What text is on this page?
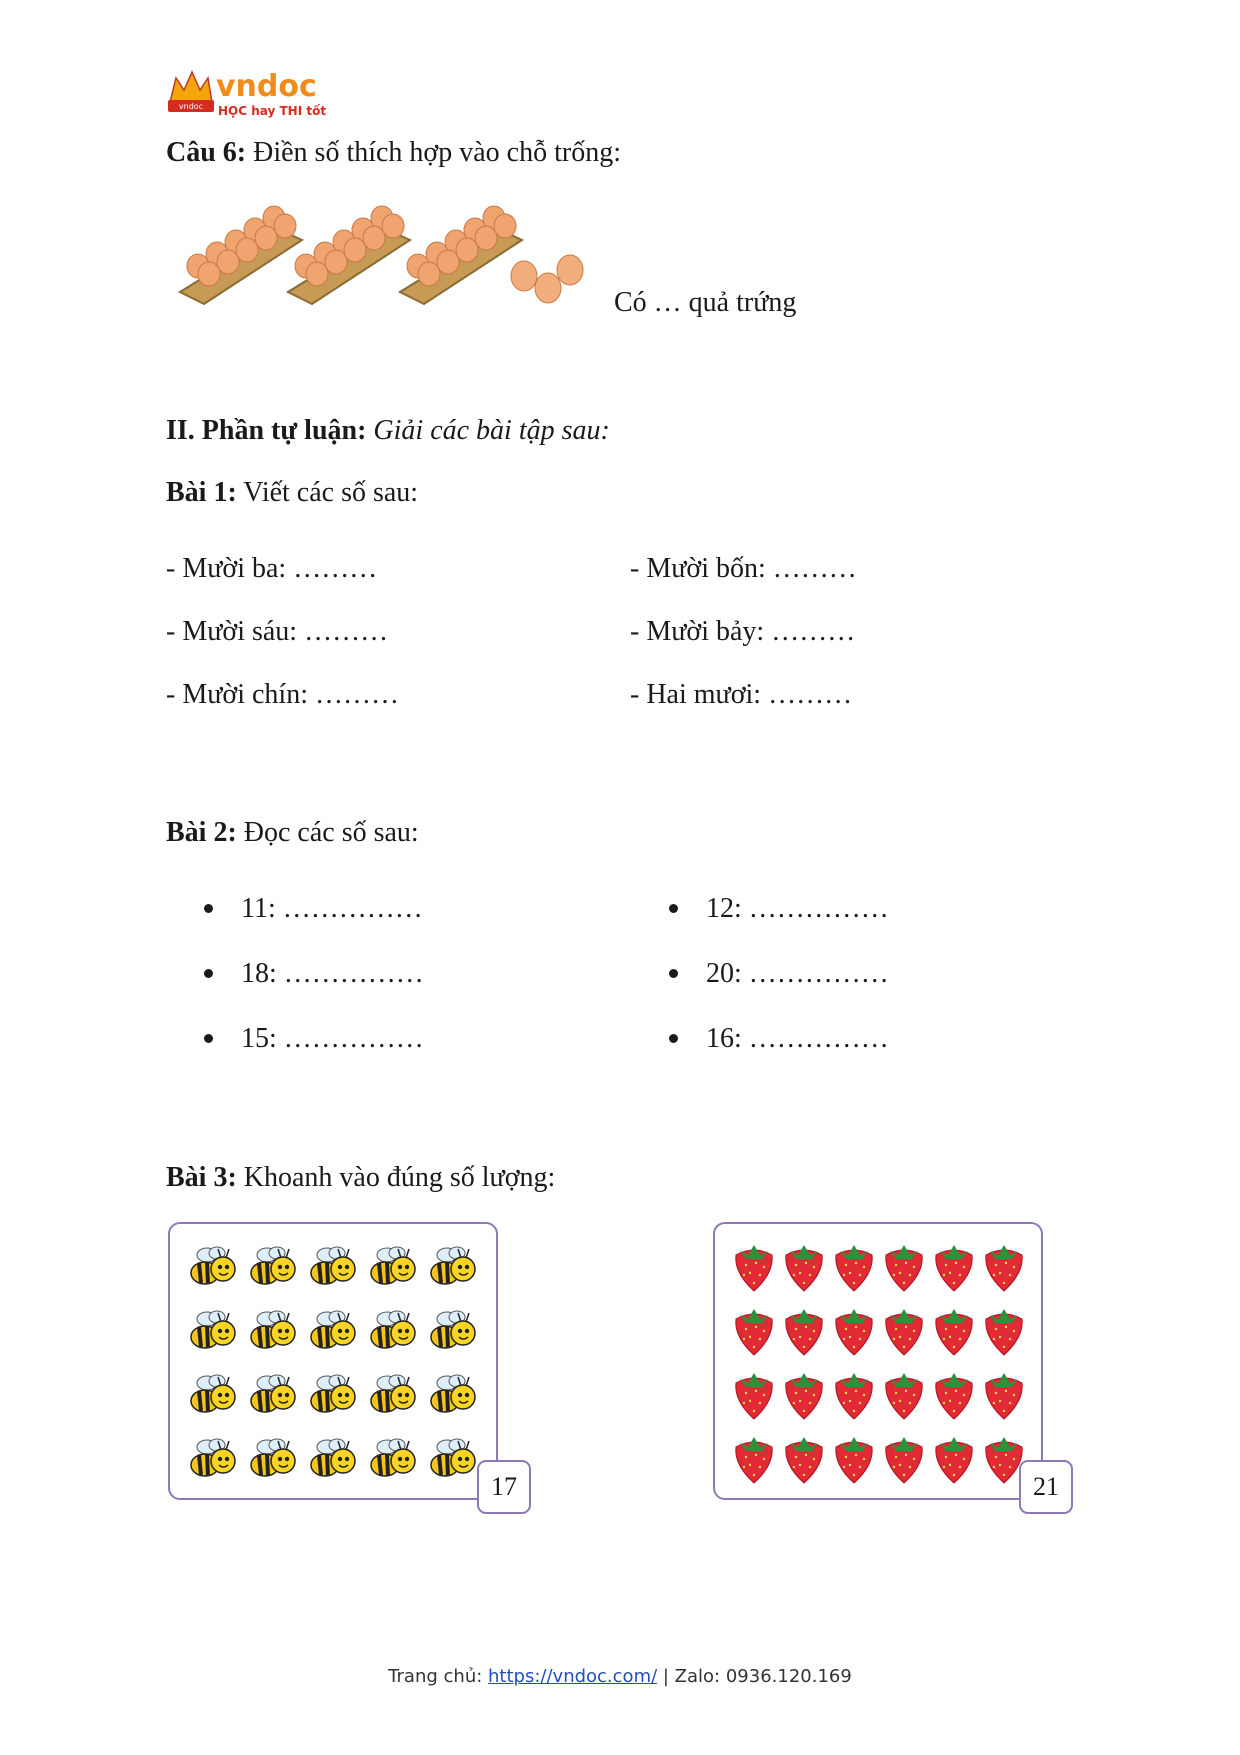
vndoc
vndoc
HỌC hay THI tốt
Câu 6: Điền số thích hợp vào chỗ trống:
Có … quả trứng
II. Phần tự luận: Giải các bài tập sau:
Bài 1: Viết các số sau:
- Mười ba: ………	- Mười bốn: ………
- Mười sáu: ………	- Mười bảy: ………
- Mười chín: ………	- Hai mươi: ………
Bài 2: Đọc các số sau:
11: ……………	12: ……………
18: ……………	20: ……………
15: ……………	16: ……………
Bài 3: Khoanh vào đúng số lượng:
17	21
Trang chủ: https://vndoc.com/ | Zalo: 0936.120.169
